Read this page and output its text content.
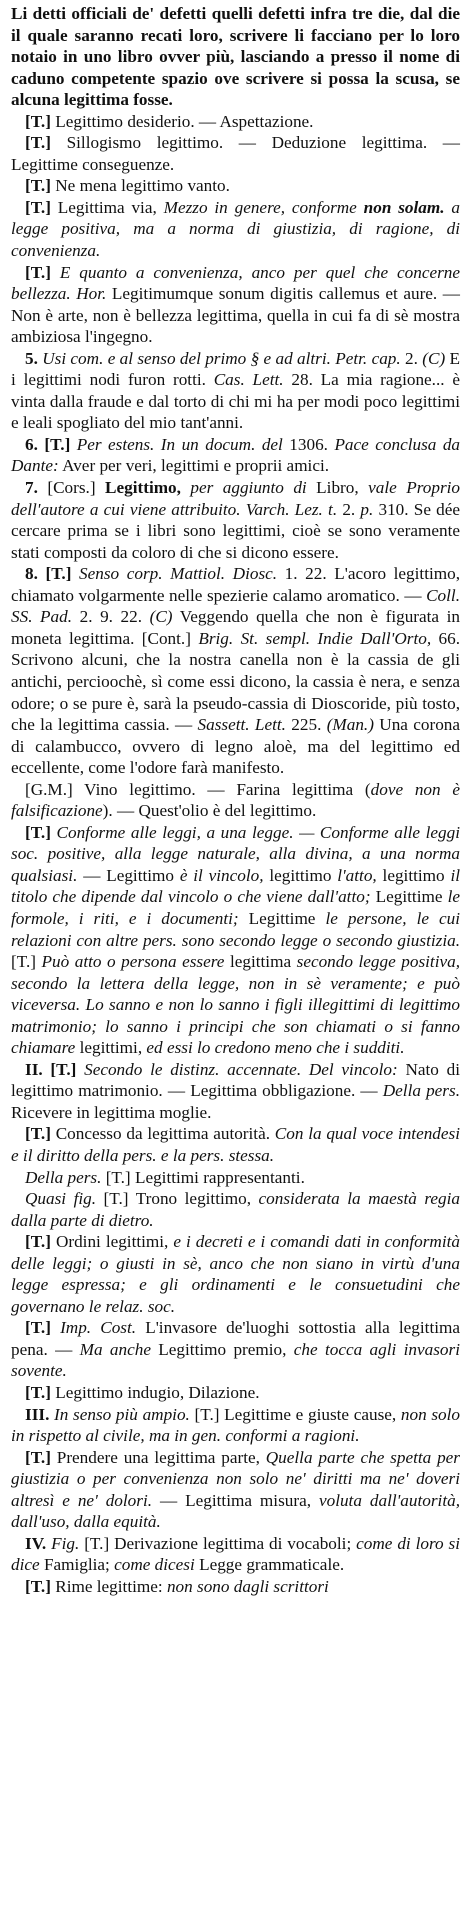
Li detti officiali de' defetti quelli defetti infra tre die, dal die il quale saranno recati loro, scrivere li facciano per lo loro notaio in uno libro ovver più, lasciando a presso il nome di caduno competente spazio ove scrivere si possa la scusa, se alcuna legittima fosse.

[T.] Legittimo desiderio. — Aspettazione.

[T.] Sillogismo legittimo. — Deduzione legittima. — Legittime conseguenze.

[T.] Ne mena legittimo vanto.

[T.] Legittima via, Mezzo in genere, conforme non solam. a legge positiva, ma a norma di giustizia, di ragione, di convenienza.

[T.] E quanto a convenienza, anco per quel che concerne bellezza. Hor. Legitimumque sonum digitis callemus et aure. — Non è arte, non è bellezza legittima, quella in cui fa di sè mostra ambiziosa l'ingegno.

5. Usi com. e al senso del primo § e ad altri. Petr. cap. 2. (C) E i legittimi nodi furon rotti. Cas. Lett. 28. La mia ragione... è vinta dalla fraude e dal torto di chi mi ha per modi poco legittimi e leali spogliato del mio tant'anni.

6. [T.] Per estens. In un docum. del 1306. Pace conclusa da Dante: Aver per veri, legittimi e proprii amici.

7. [Cors.] Legittimo, per aggiunto di Libro, vale Proprio dell'autore a cui viene attribuito. Varch. Lez. t. 2. p. 310. Se dée cercare prima se i libri sono legittimi, cioè se sono veramente stati composti da coloro di che si dicono essere.

8. [T.] Senso corp. Mattiol. Diosc. 1. 22. L'acoro legittimo, chiamato volgarmente nelle spezierie calamo aromatico. — Coll. SS. Pad. 2. 9. 22. (C) Veggendo quella che non è figurata in moneta legittima. [Cont.] Brig. St. sempl. Indie Dall'Orto, 66. Scrivono alcuni, che la nostra canella non è la cassia de gli antichi, percioochè, sì come essi dicono, la cassia è nera, e senza odore; o se pure è, sarà la pseudo-cassia di Dioscoride, più tosto, che la legittima cassia. — Sassett. Lett. 225. (Man.) Una corona di calambucco, ovvero di legno aloè, ma del legittimo ed eccellente, come l'odore farà manifesto.

[G.M.] Vino legittimo. — Farina legittima (dove non è falsificazione). — Quest'olio è del legittimo.

[T.] Conforme alle leggi, a una legge. — Conforme alle leggi soc. positive, alla legge naturale, alla divina, a una norma qualsiasi. — Legittimo è il vincolo, legittimo l'atto, legittimo il titolo che dipende dal vincolo o che viene dall'atto; Legittime le formole, i riti, e i documenti; Legittime le persone, le cui relazioni con altre pers. sono secondo legge o secondo giustizia. [T.] Può atto o persona essere legittima secondo legge positiva, secondo la lettera della legge, non in sè veramente; e può viceversa. Lo sanno e non lo sanno i figli illegittimi di legittimo matrimonio; lo sanno i principi che son chiamati o si fanno chiamare legittimi, ed essi lo credono meno che i sudditi.

II. [T.] Secondo le distinz. accennate. Del vincolo: Nato di legittimo matrimonio. — Legittima obbligazione. — Della pers. Ricevere in legittima moglie.

[T.] Concesso da legittima autorità. Con la qual voce intendesi e il diritto della pers. e la pers. stessa.

Della pers. [T.] Legittimi rappresentanti.

Quasi fig. [T.] Trono legittimo, considerata la maestà regia dalla parte di dietro.

[T.] Ordini legittimi, e i decreti e i comandi dati in conformità delle leggi; o giusti in sè, anco che non siano in virtù d'una legge espressa; e gli ordinamenti e le consuetudini che governano le relaz. soc.

[T.] Imp. Cost. L'invasore de'luoghi sottostia alla legittima pena. — Ma anche Legittimo premio, che tocca agli invasori sovente.

[T.] Legittimo indugio, Dilazione.

III. In senso più ampio. [T.] Legittime e giuste cause, non solo in rispetto al civile, ma in gen. conformi a ragioni.

[T.] Prendere una legittima parte, Quella parte che spetta per giustizia o per convenienza non solo ne' diritti ma ne' doveri altresì e ne' dolori. — Legittima misura, voluta dall'autorità, dall'uso, dalla equità.

IV. Fig. [T.] Derivazione legittima di vocaboli; come di loro si dice Famiglia; come dicesi Legge grammaticale.

[T.] Rime legittime: non sono dagli scrittori
